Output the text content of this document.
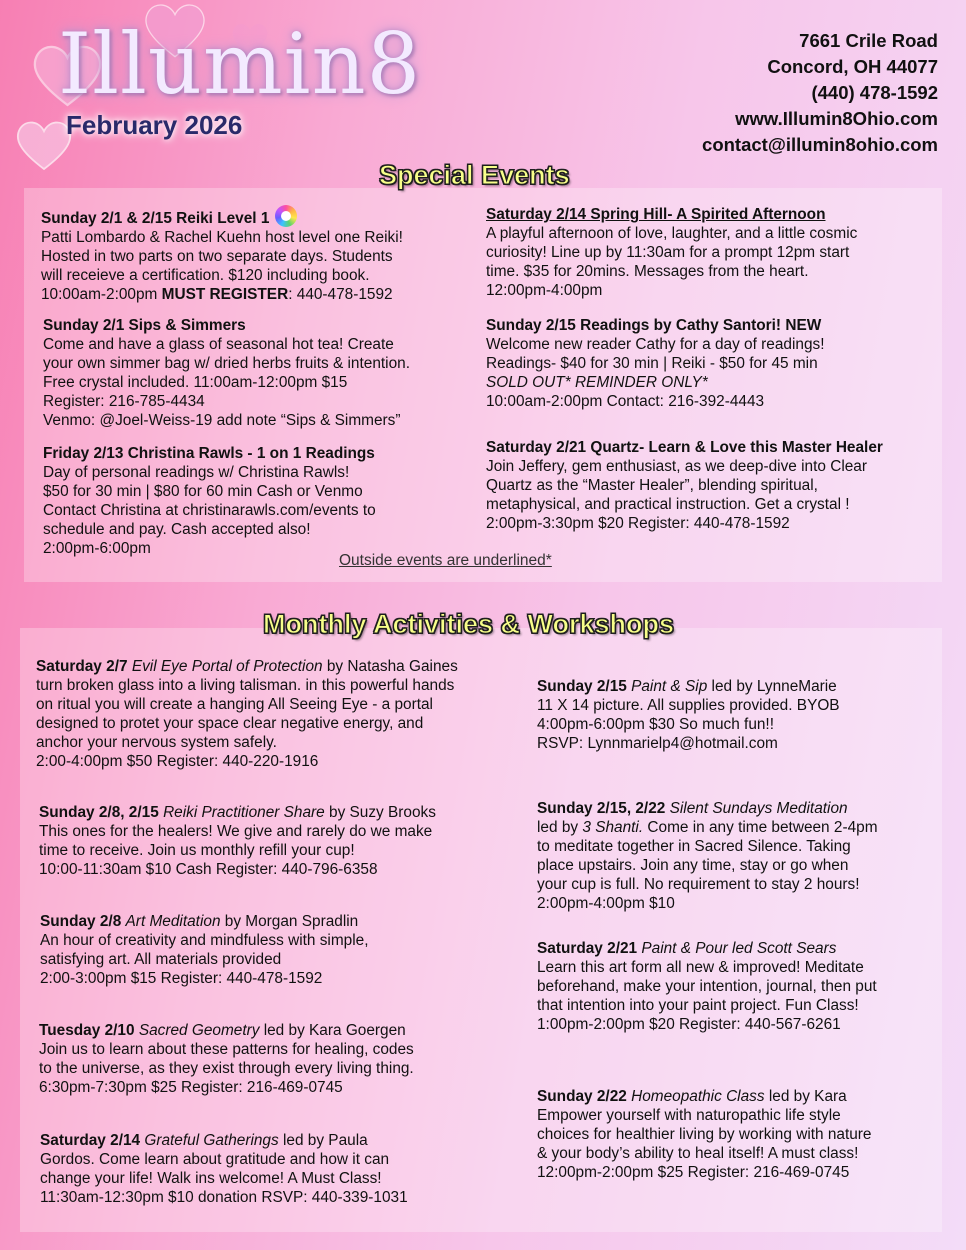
Illumin8
February 2026
7661 Crile Road
Concord, OH 44077
(440) 478-1592
www.Illumin8Ohio.com
contact@illumin8ohio.com
Special Events
Sunday 2/1 & 2/15 Reiki Level 1
Patti Lombardo & Rachel Kuehn host level one Reiki!
Hosted in two parts on two separate days. Students
will receieve a certification. $120 including book.
10:00am-2:00pm MUST REGISTER: 440-478-1592
Sunday 2/1 Sips & Simmers
Come and have a glass of seasonal hot tea! Create
your own simmer bag w/ dried herbs fruits & intention.
Free crystal included. 11:00am-12:00pm $15
Register: 216-785-4434
Venmo: @Joel-Weiss-19 add note “Sips & Simmers”
Friday 2/13 Christina Rawls - 1 on 1 Readings
Day of personal readings w/ Christina Rawls!
$50 for 30 min | $80 for 60 min Cash or Venmo
Contact Christina at christinarawls.com/events to
schedule and pay. Cash accepted also!
2:00pm-6:00pm
Saturday 2/14 Spring Hill- A Spirited Afternoon
A playful afternoon of love, laughter, and a little cosmic
curiosity! Line up by 11:30am for a prompt 12pm start
time. $35 for 20mins. Messages from the heart.
12:00pm-4:00pm
Sunday 2/15 Readings by Cathy Santori! NEW
Welcome new reader Cathy for a day of readings!
Readings- $40 for 30 min | Reiki - $50 for 45 min
SOLD OUT* REMINDER ONLY*
10:00am-2:00pm Contact: 216-392-4443
Saturday 2/21 Quartz- Learn & Love this Master Healer
Join Jeffery, gem enthusiast, as we deep-dive into Clear
Quartz as the “Master Healer”, blending spiritual,
metaphysical, and practical instruction. Get a crystal !
2:00pm-3:30pm $20 Register: 440-478-1592
Outside events are underlined*
Monthly Activities & Workshops
Saturday 2/7 Evil Eye Portal of Protection by Natasha Gaines
turn broken glass into a living talisman. in this powerful hands
on ritual you will create a hanging All Seeing Eye - a portal
designed to protet your space clear negative energy, and
anchor your nervous system safely.
2:00-4:00pm $50 Register: 440-220-1916
Sunday 2/8, 2/15 Reiki Practitioner Share by Suzy Brooks
This ones for the healers! We give and rarely do we make
time to receive. Join us monthly refill your cup!
10:00-11:30am $10 Cash Register: 440-796-6358
Sunday 2/8 Art Meditation by Morgan Spradlin
An hour of creativity and mindfuless with simple,
satisfying art. All materials provided
2:00-3:00pm $15 Register: 440-478-1592
Tuesday 2/10 Sacred Geometry led by Kara Goergen
Join us to learn about these patterns for healing, codes
to the universe, as they exist through every living thing.
6:30pm-7:30pm $25 Register: 216-469-0745
Saturday 2/14 Grateful Gatherings led by Paula
Gordos. Come learn about gratitude and how it can
change your life! Walk ins welcome! A Must Class!
11:30am-12:30pm $10 donation RSVP: 440-339-1031
Sunday 2/15 Paint & Sip led by LynneMarie
11 X 14 picture. All supplies provided. BYOB
4:00pm-6:00pm $30 So much fun!!
RSVP: Lynnmarielp4@hotmail.com
Sunday 2/15, 2/22 Silent Sundays Meditation
led by 3 Shanti. Come in any time between 2-4pm
to meditate together in Sacred Silence. Taking
place upstairs. Join any time, stay or go when
your cup is full. No requirement to stay 2 hours!
2:00pm-4:00pm $10
Saturday 2/21 Paint & Pour led Scott Sears
Learn this art form all new & improved! Meditate
beforehand, make your intention, journal, then put
that intention into your paint project. Fun Class!
1:00pm-2:00pm $20 Register: 440-567-6261
Sunday 2/22 Homeopathic Class led by Kara
Empower yourself with naturopathic life style
choices for healthier living by working with nature
& your body’s ability to heal itself! A must class!
12:00pm-2:00pm $25 Register: 216-469-0745
